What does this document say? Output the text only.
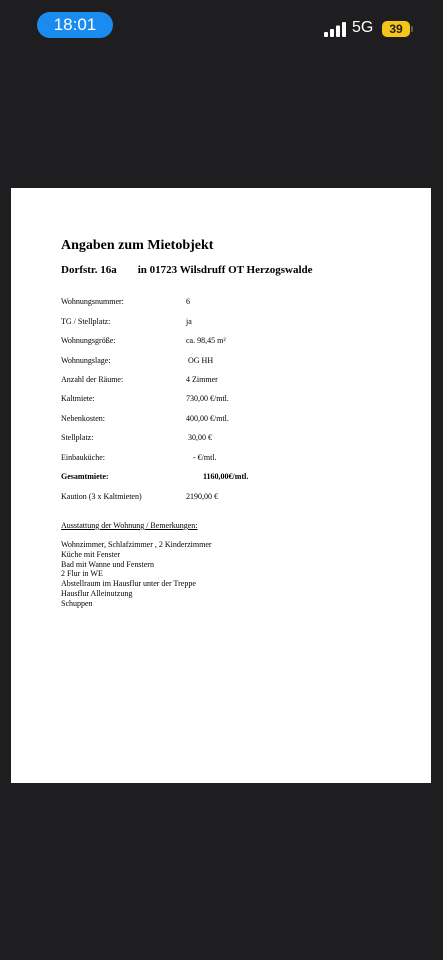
18:01	5G	39
Angaben zum Mietobjekt
Dorfstr. 16a in 01723 Wilsdruff OT Herzogswalde
Wohnungsnummer:	6
TG / Stellplatz:	ja
Wohnungsgröße:	ca. 98,45 m²
Wohnungslage:	OG HH
Anzahl der Räume:	4 Zimmer
Kaltmiete:	730,00 €/mtl.
Nebenkosten:	400,00 €/mtl.
Stellplatz:	30,00 €
Einbauküche:	- €/mtl.
Gesamtmiete:	1160,00€/mtl.
Kaution (3 x Kaltmieten)	2190,00 €
Ausstattung der Wohnung / Bemerkungen:
Wohnzimmer, Schlafzimmer , 2 Kinderzimmer
Küche mit Fenster
Bad mit Wanne und Fenstern
2 Flur in WE
Abstellraum im Hausflur unter der Treppe
Hausflur Alleinutzung
Schuppen
